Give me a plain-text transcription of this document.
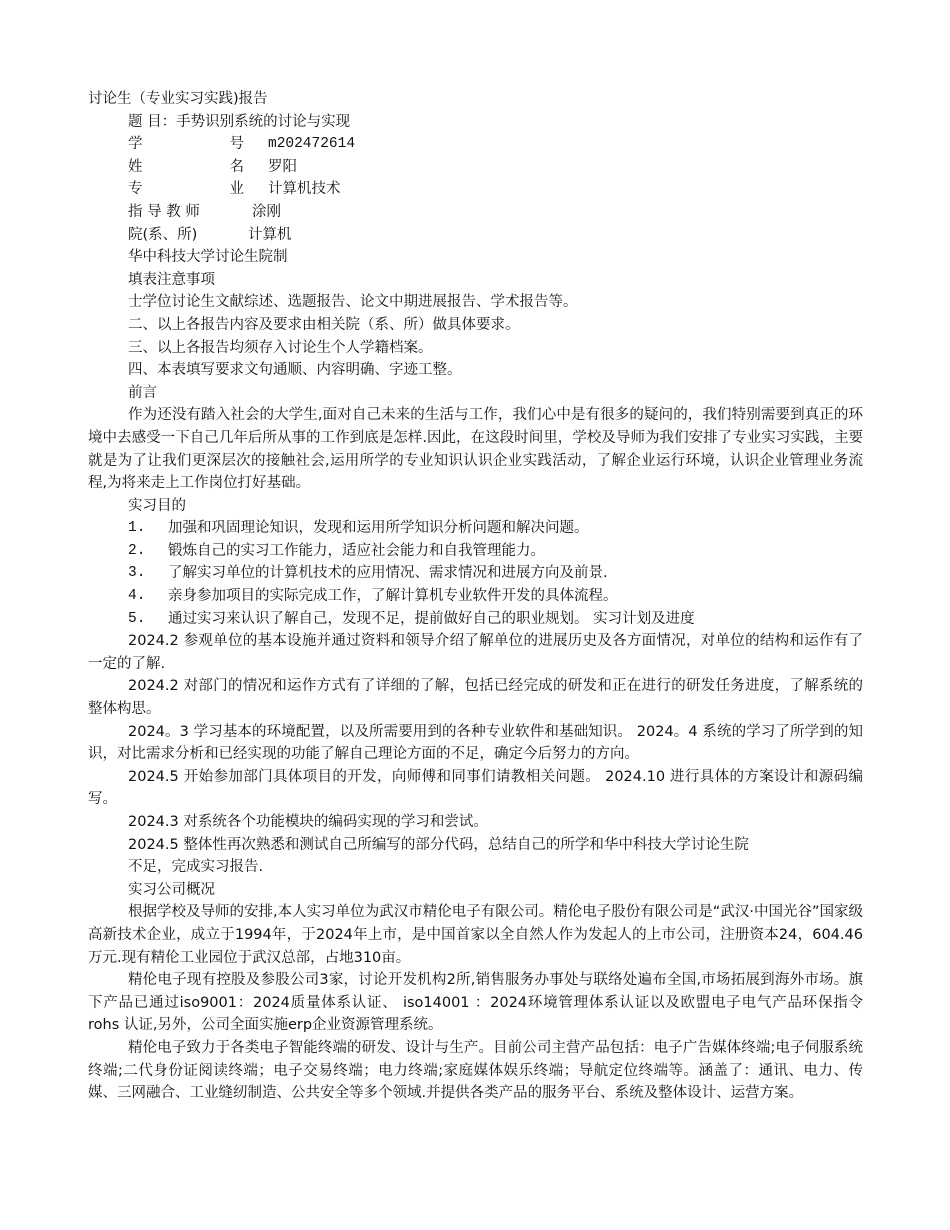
讨论生（专业实习实践)报告
题 目：手势识别系统的讨论与实现
学	号	m202472614
姓	名	罗阳
专	业	计算机技术
指 导 教 师	涂刚
院(系、所)	计算机
华中科技大学讨论生院制
填表注意事项
士学位讨论生文献综述、选题报告、论文中期进展报告、学术报告等。
二、以上各报告内容及要求由相关院（系、所）做具体要求。
三、以上各报告均须存入讨论生个人学籍档案。
四、本表填写要求文句通顺、内容明确、字迹工整。
前言
作为还没有踏入社会的大学生,面对自己未来的生活与工作，我们心中是有很多的疑问的，我们特别需要到真正的环境中去感受一下自己几年后所从事的工作到底是怎样.因此，在这段时间里，学校及导师为我们安排了专业实习实践，主要就是为了让我们更深层次的接触社会,运用所学的专业知识认识企业实践活动，了解企业运行环境，认识企业管理业务流程,为将来走上工作岗位打好基础。
实习目的
1.	加强和巩固理论知识，发现和运用所学知识分析问题和解决问题。
2.	锻炼自己的实习工作能力，适应社会能力和自我管理能力。
3.	了解实习单位的计算机技术的应用情况、需求情况和进展方向及前景.
4.	亲身参加项目的实际完成工作，了解计算机专业软件开发的具体流程。
5.	通过实习来认识了解自己，发现不足，提前做好自己的职业规划。 实习计划及进度
2024.2 参观单位的基本设施并通过资料和领导介绍了解单位的进展历史及各方面情况，对单位的结构和运作有了一定的了解.
2024.2 对部门的情况和运作方式有了详细的了解，包括已经完成的研发和正在进行的研发任务进度，了解系统的整体构思。
2024。3 学习基本的环境配置，以及所需要用到的各种专业软件和基础知识。 2024。4 系统的学习了所学到的知识，对比需求分析和已经实现的功能了解自己理论方面的不足，确定今后努力的方向。
2024.5 开始参加部门具体项目的开发，向师傅和同事们请教相关问题。 2024.10 进行具体的方案设计和源码编写。
2024.3 对系统各个功能模块的编码实现的学习和尝试。
2024.5 整体性再次熟悉和测试自己所编写的部分代码，总结自己的所学和华中科技大学讨论生院
不足，完成实习报告.
实习公司概况
根据学校及导师的安排,本人实习单位为武汉市精伦电子有限公司。精伦电子股份有限公司是“武汉·中国光谷”国家级高新技术企业，成立于1994年，于2024年上市，是中国首家以全自然人作为发起人的上市公司，注册资本24，604.46万元.现有精伦工业园位于武汉总部，占地310亩。
精伦电子现有控股及参股公司3家，讨论开发机构2所,销售服务办事处与联络处遍布全国,市场拓展到海外市场。旗下产品已通过iso9001：2024质量体系认证、 iso14001 ：2024环境管理体系认证以及欧盟电子电气产品环保指令 rohs 认证,另外，公司全面实施erp企业资源管理系统。
精伦电子致力于各类电子智能终端的研发、设计与生产。目前公司主营产品包括：电子广告媒体终端;电子伺服系统终端;二代身份证阅读终端；电子交易终端；电力终端;家庭媒体娱乐终端；导航定位终端等。涵盖了：通讯、电力、传媒、三网融合、工业缝纫制造、公共安全等多个领域.并提供各类产品的服务平台、系统及整体设计、运营方案。
